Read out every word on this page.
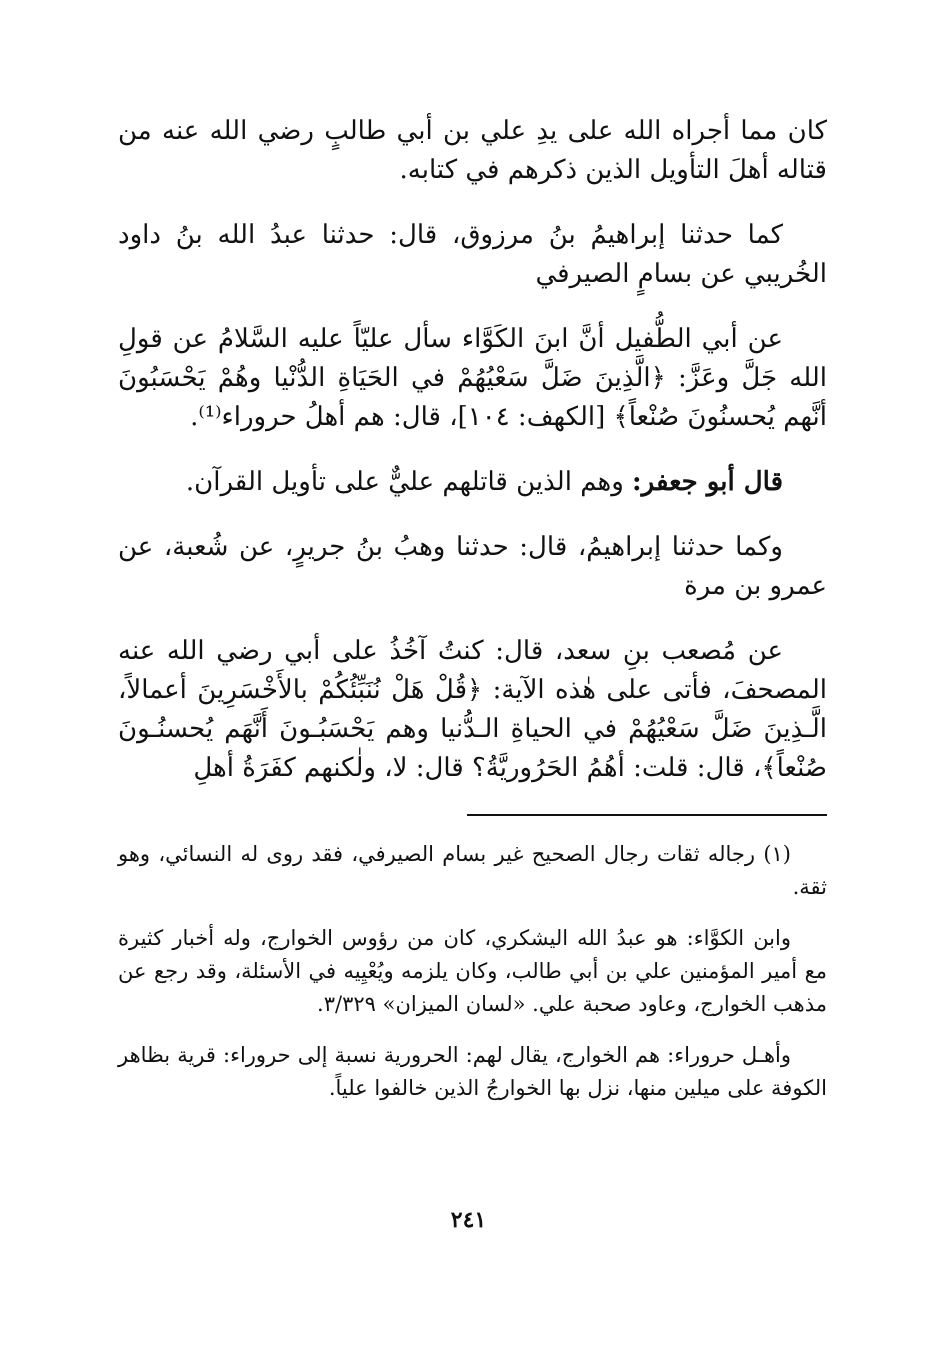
كان مما أجراه الله على يدِ علي بن أبي طالبٍ رضي الله عنه من قتاله أهلَ التأويل الذين ذكرهم في كتابه.

كما حدثنا إبراهيمُ بنُ مرزوق، قال: حدثنا عبدُ الله بنُ داود الخُريبي عن بسامٍ الصيرفي

عن أبي الطُّفيل أنَّ ابنَ الكَوَّاء سأل عليّاً عليه السَّلامُ عن قولِ الله جَلَّ وعَزَّ: ﴿الَّذِينَ ضَلَّ سَعْيُهُمْ في الحَيَاةِ الدُّنْيا وهُمْ يَحْسَبُونَ أنَّهم يُحسنُونَ صُنْعاً﴾ [الكهف: ١٠٤]، قال: هم أهلُ حروراء⁽¹⁾.

قال أبو جعفر: وهم الذين قاتلهم عليٌّ على تأويل القرآن.

وكما حدثنا إبراهيمُ، قال: حدثنا وهبُ بنُ جريرٍ، عن شُعبة، عن عمرو بن مرة

عن مُصعب بنِ سعد، قال: كنتُ آخُذُ على أبي رضي الله عنه المصحفَ، فأتى على هٰذه الآية: ﴿قُلْ هَلْ نُنَبِّئُكُمْ بالأَخْسَرِينَ أعمالاً، الَّـذِينَ ضَلَّ سَعْيُهُمْ في الحياةِ الـدُّنيا وهم يَحْسَبُـونَ أَنَّهَم يُحسنُـونَ صُنْعاً﴾، قال: قلت: أهُمُ الحَرُوريَّةُ؟ قال: لا، ولٰكنهم كفَرَةُ أهلِ

(١) رجاله ثقات رجال الصحيح غير بسام الصيرفي، فقد روى له النسائي، وهو ثقة.

وابن الكوَّاء: هو عبدُ الله اليشكري، كان من رؤوس الخوارج، وله أخبار كثيرة مع أمير المؤمنين علي بن أبي طالب، وكان يلزمه ويُعْيِيه في الأسئلة، وقد رجع عن مذهب الخوارج، وعاود صحبة علي. «لسان الميزان» ٣/٣٢٩.

وأهـل حروراء: هم الخوارج، يقال لهم: الحرورية نسبة إلى حروراء: قرية بظاهر الكوفة على ميلين منها، نزل بها الخوارجُ الذين خالفوا علياً.

٢٤١
